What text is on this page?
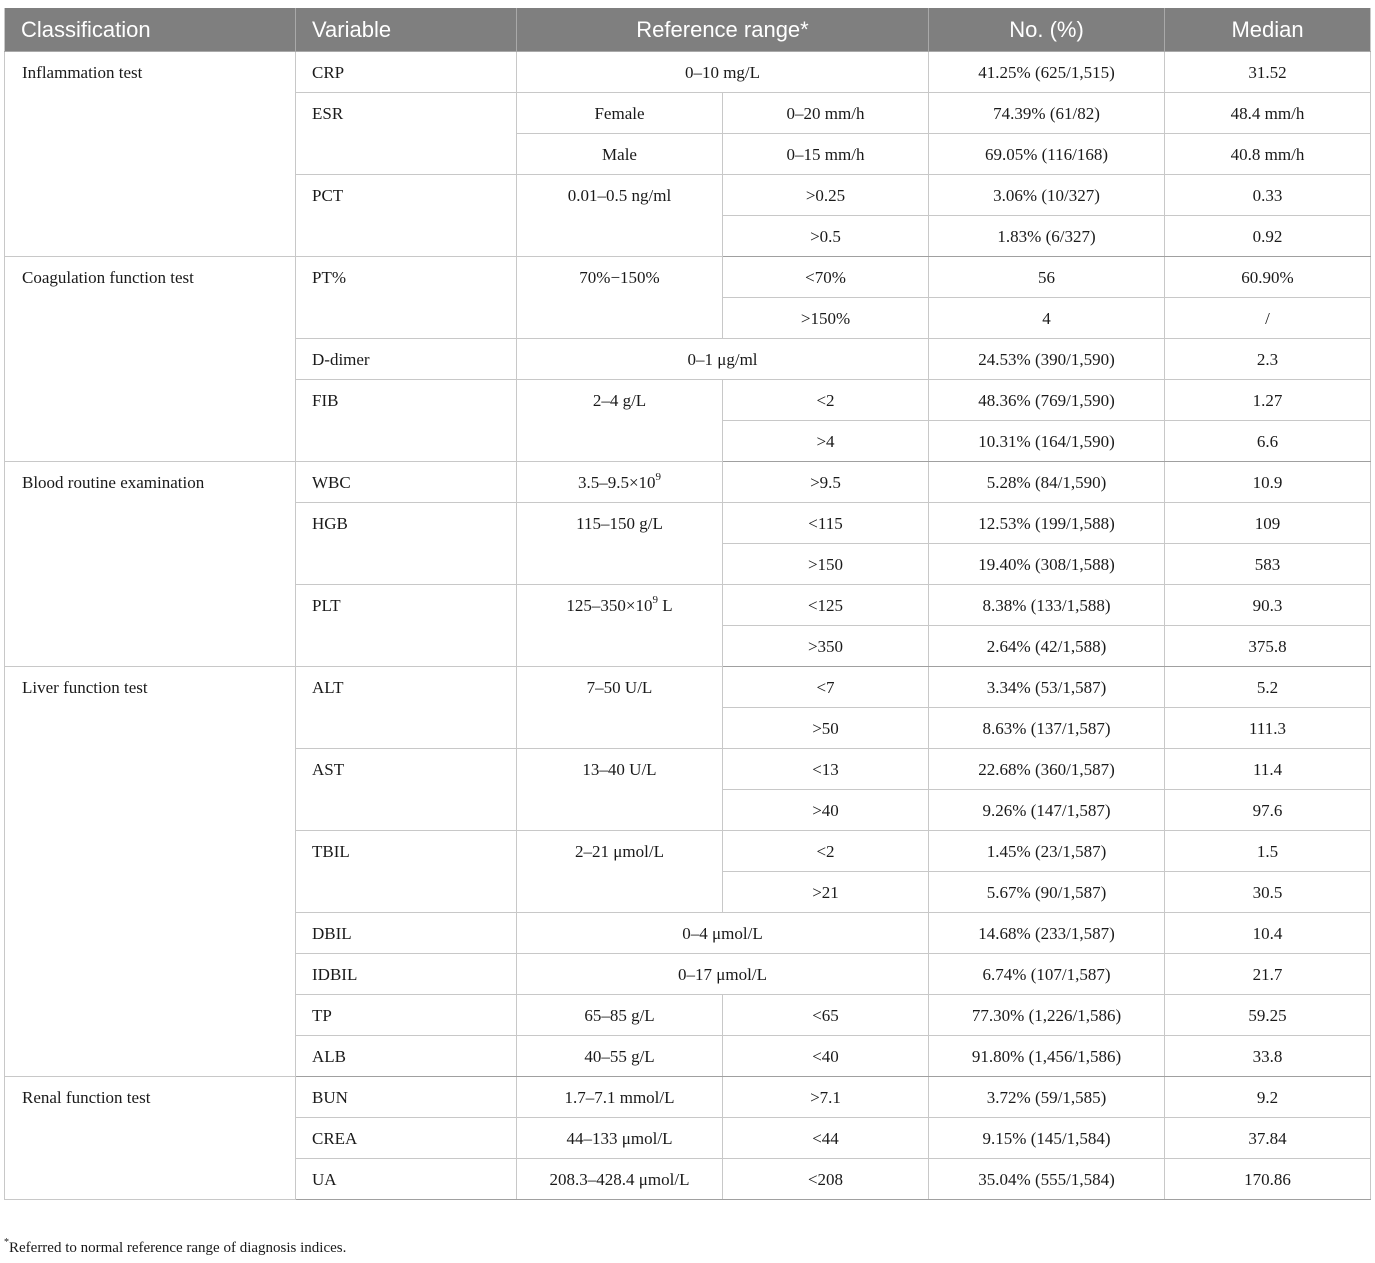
Classification	Variable	Reference range*		No. (%)	Median
Inflammation test	CRP	0–10 mg/L		41.25% (625/1,515)	31.52
	ESR	Female	0–20 mm/h	74.39% (61/82)	48.4 mm/h
		Male	0–15 mm/h	69.05% (116/168)	40.8 mm/h
	PCT	0.01–0.5 ng/ml	>0.25	3.06% (10/327)	0.33
			>0.5	1.83% (6/327)	0.92
Coagulation function test	PT%	70%−150%	<70%	56	60.90%
			>150%	4	/
	D-dimer	0–1 μg/ml		24.53% (390/1,590)	2.3
	FIB	2–4 g/L	<2	48.36% (769/1,590)	1.27
			>4	10.31% (164/1,590)	6.6
Blood routine examination	WBC	$3.5-9.5\times 10^9$	>9.5	5.28% (84/1,590)	10.9
	HGB	115–150 g/L	<115	12.53% (199/1,588)	109
			>150	19.40% (308/1,588)	583
	PLT	$125-350\times 10^9$ L	<125	8.38% (133/1,588)	90.3
			>350	2.64% (42/1,588)	375.8
Liver function test	ALT	7–50 U/L	<7	3.34% (53/1,587)	5.2
			>50	8.63% (137/1,587)	111.3
	AST	13–40 U/L	<13	22.68% (360/1,587)	11.4
			>40	9.26% (147/1,587)	97.6
	TBIL	2–21 μmol/L	<2	1.45% (23/1,587)	1.5
			>21	5.67% (90/1,587)	30.5
	DBIL	0–4 μmol/L		14.68% (233/1,587)	10.4
	IDBIL	0–17 μmol/L		6.74% (107/1,587)	21.7
	TP	65–85 g/L	<65	77.30% (1,226/1,586)	59.25
	ALB	40–55 g/L	<40	91.80% (1,456/1,586)	33.8
Renal function test	BUN	1.7–7.1 mmol/L	>7.1	3.72% (59/1,585)	9.2
	CREA	44–133 μmol/L	<44	9.15% (145/1,584)	37.84
	UA	208.3–428.4 μmol/L	<208	35.04% (555/1,584)	170.86
*Referred to normal reference range of diagnosis indices.
